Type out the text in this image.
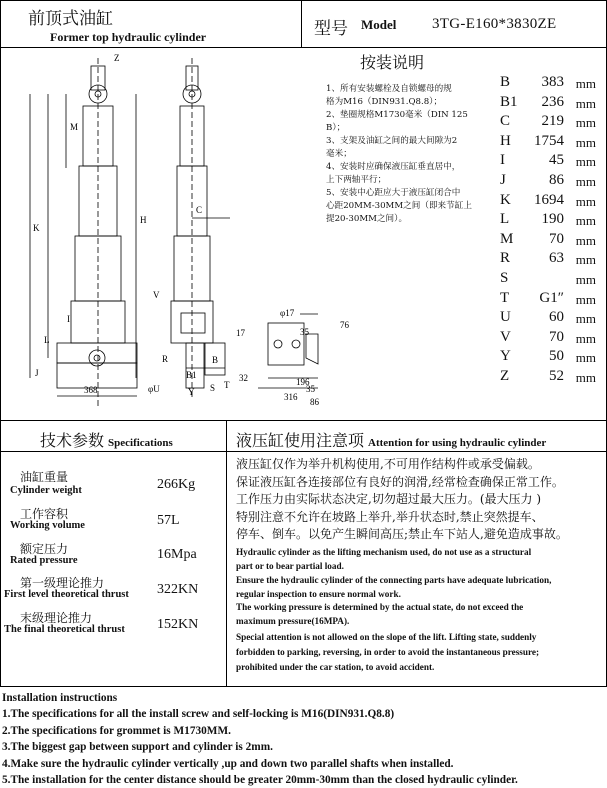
前顶式油缸
Former top hydraulic cylinder	型号 Model 3TG-E160*3830ZE
Z
M
K
H
C
V
L
J
I
R	B
B1
Y
φU	T
S
368
17
32
35
76
196
316
35
86
φ17
按装说明
1、所有安装螺栓及自锁螺母的规
格为M16（DIN931.Q8.8）；
2、垫圈规格M1730毫米（DIN 125
B）；
3、支架及油缸之间的最大间隙为2
毫米；
4、安装时应确保液压缸垂直居中，
上下两轴平行；
5、安装中心距应大于液压缸闭合中
心距20MM-30MM之间（即来节缸上
提20-30MM之间）。
B 383 mm
B1 236 mm
C 219 mm
H 1754 mm
I	45 mm
J	86 mm
K 1694 mm
L 190 mm
M 70 mm
R	63 mm
S	mm
T G1″ mm
U	60 mm
V	70 mm
Y	50 mm
Z	52 mm
技术参数 Specifications
油缸重量
Cylinder weight	266Kg
工作容积
Working volume	57L
额定压力
Rated pressure	16Mpa
第一级理论推力
First level theoretical thrust 322KN
末级理论推力
The final theoretical thrust 152KN
液压缸使用注意项 Attention for using hydraulic cylinder
液压缸仅作为举升机构使用,不可用作结构件或承受偏载。
保证液压缸各连接部位有良好的润滑,经常检查确保正常工作。
工作压力由实际状态决定,切勿超过最大压力。(最大压力 )
特别注意不允许在坡路上举升,举升状态时,禁止突然提车、
停车、倒车。以免产生瞬间高压;禁止车下站人,避免造成事故。
Hydraulic cylinder as the lifting mechanism used, do not use as a structural
part or to bear partial load.
Ensure the hydraulic cylinder of the connecting parts have adequate lubrication,
regular inspection to ensure normal work.
The working pressure is determined by the actual state, do not exceed the
maximum pressure(16MPA).
Special attention is not allowed on the slope of the lift. Lifting state, suddenly
forbidden to parking, reversing, in order to avoid the instantaneous pressure;
prohibited under the car station, to avoid accident.
Installation instructions
1.The specifications for all the install screw and self-locking is M16(DIN931.Q8.8)
2.The specifications for grommet is M1730MM.
3.The biggest gap between support and cylinder is 2mm.
4.Make sure the hydraulic cylinder vertically ,up and down two parallel shafts when installed.
5.The installation for the center distance should be greater 20mm-30mm than the closed hydraulic cylinder.
